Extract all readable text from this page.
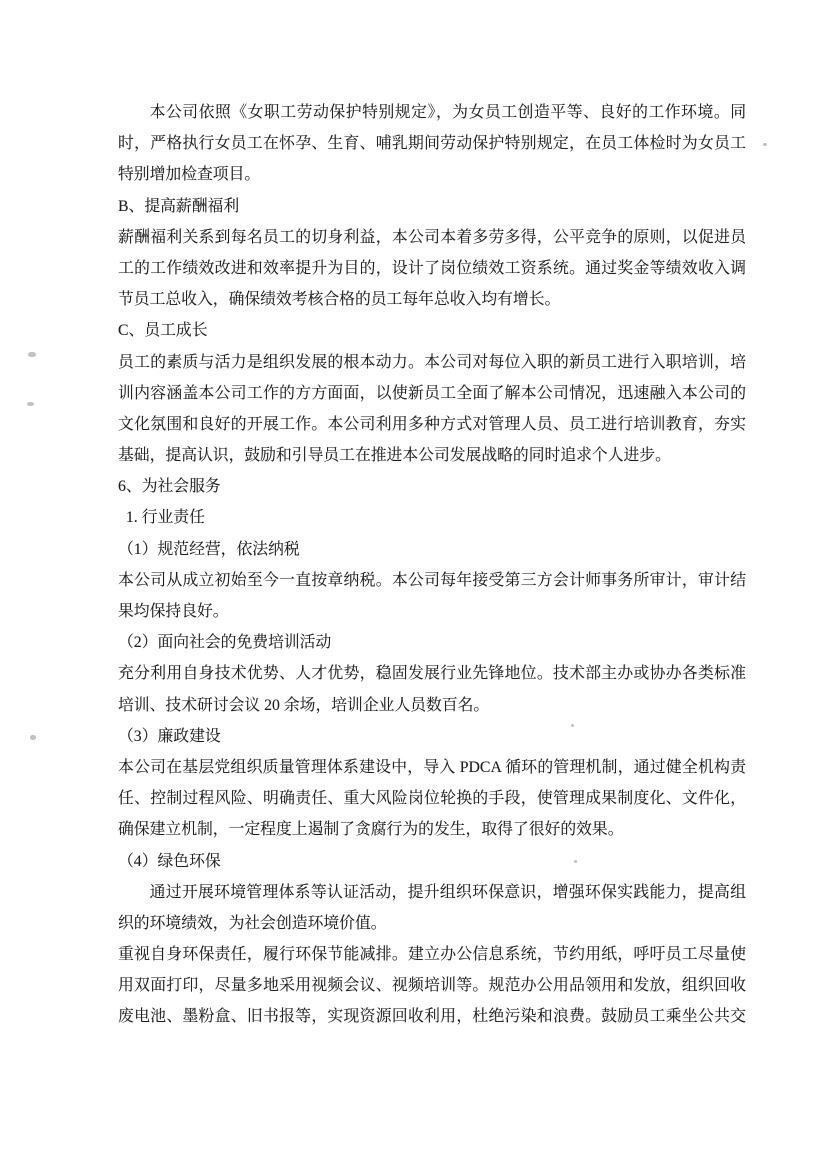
本公司依照《女职工劳动保护特别规定》，为女员工创造平等、良好的工作环境。同
时，严格执行女员工在怀孕、生育、哺乳期间劳动保护特别规定，在员工体检时为女员工
特别增加检查项目。
B、提高薪酬福利
薪酬福利关系到每名员工的切身利益，本公司本着多劳多得，公平竞争的原则，以促进员
工的工作绩效改进和效率提升为目的，设计了岗位绩效工资系统。通过奖金等绩效收入调
节员工总收入，确保绩效考核合格的员工每年总收入均有增长。
C、员工成长
员工的素质与活力是组织发展的根本动力。本公司对每位入职的新员工进行入职培训，培
训内容涵盖本公司工作的方方面面，以使新员工全面了解本公司情况，迅速融入本公司的
文化氛围和良好的开展工作。本公司利用多种方式对管理人员、员工进行培训教育，夯实
基础，提高认识，鼓励和引导员工在推进本公司发展战略的同时追求个人进步。
6、为社会服务
1. 行业责任
（1）规范经营，依法纳税
本公司从成立初始至今一直按章纳税。本公司每年接受第三方会计师事务所审计，审计结
果均保持良好。
（2）面向社会的免费培训活动
充分利用自身技术优势、人才优势，稳固发展行业先锋地位。技术部主办或协办各类标准
培训、技术研讨会议 20 余场，培训企业人员数百名。
（3）廉政建设
本公司在基层党组织质量管理体系建设中，导入 PDCA 循环的管理机制，通过健全机构责
任、控制过程风险、明确责任、重大风险岗位轮换的手段，使管理成果制度化、文件化，
确保建立机制，一定程度上遏制了贪腐行为的发生，取得了很好的效果。
（4）绿色环保
通过开展环境管理体系等认证活动，提升组织环保意识，增强环保实践能力，提高组
织的环境绩效，为社会创造环境价值。
重视自身环保责任，履行环保节能减排。建立办公信息系统，节约用纸，呼吁员工尽量使
用双面打印，尽量多地采用视频会议、视频培训等。规范办公用品领用和发放，组织回收
废电池、墨粉盒、旧书报等，实现资源回收利用，杜绝污染和浪费。鼓励员工乘坐公共交
